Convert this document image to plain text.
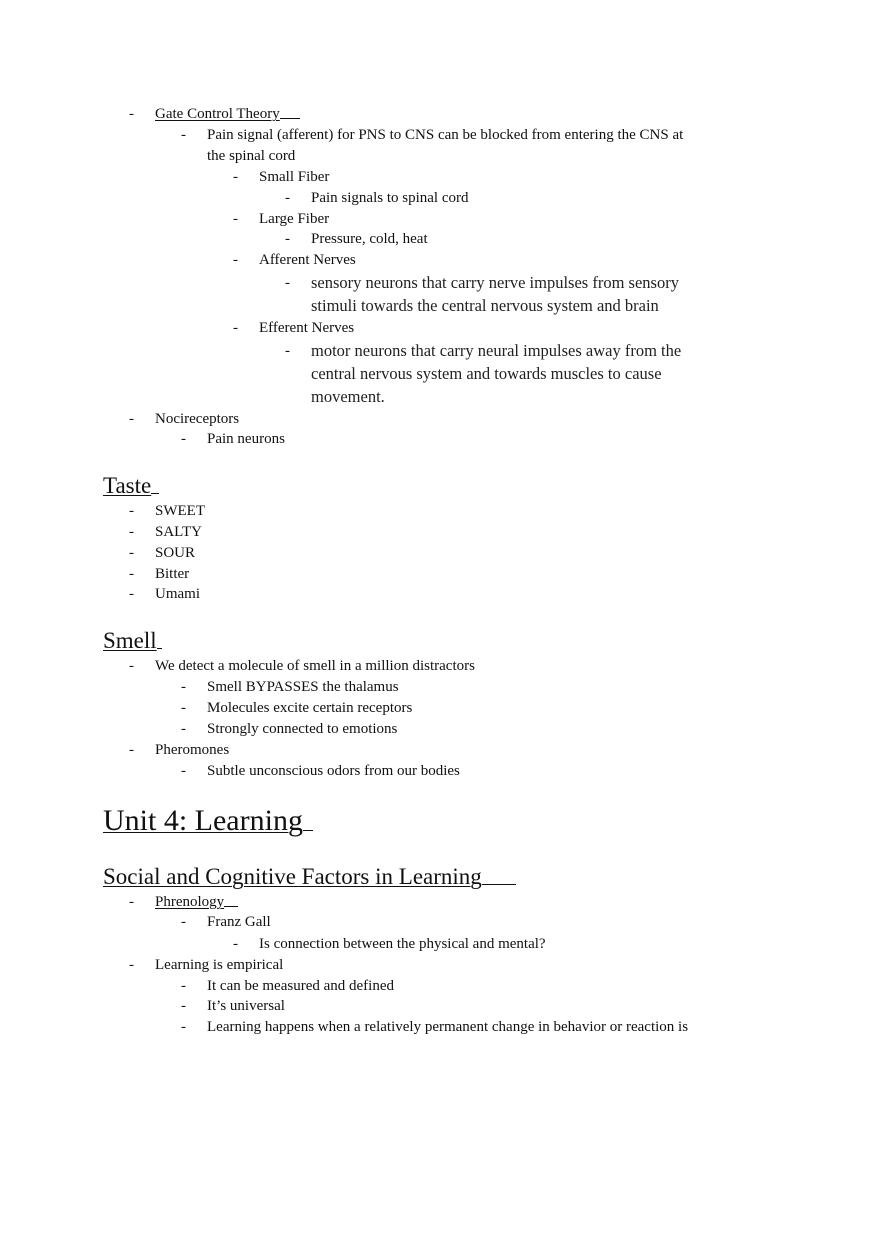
- Gate Control Theory
- Pain signal (afferent) for PNS to CNS can be blocked from entering the CNS at
the spinal cord
- Small Fiber
- Pain signals to spinal cord
- Large Fiber
- Pressure, cold, heat
- Afferent Nerves
- sensory neurons that carry nerve impulses from sensory
stimuli towards the central nervous system and brain
- Efferent Nerves
- motor neurons that carry neural impulses away from the
central nervous system and towards muscles to cause
movement.
- Nocireceptors
- Pain neurons
Taste
- SWEET
- SALTY
- SOUR
- Bitter
- Umami
Smell
- We detect a molecule of smell in a million distractors
- Smell BYPASSES the thalamus
- Molecules excite certain receptors
- Strongly connected to emotions
- Pheromones
- Subtle unconscious odors from our bodies
Unit 4: Learning
Social and Cognitive Factors in Learning
- Phrenology
- Franz Gall
- Is connection between the physical and mental?
- Learning is empirical
- It can be measured and defined
- It’s universal
- Learning happens when a relatively permanent change in behavior or reaction is
